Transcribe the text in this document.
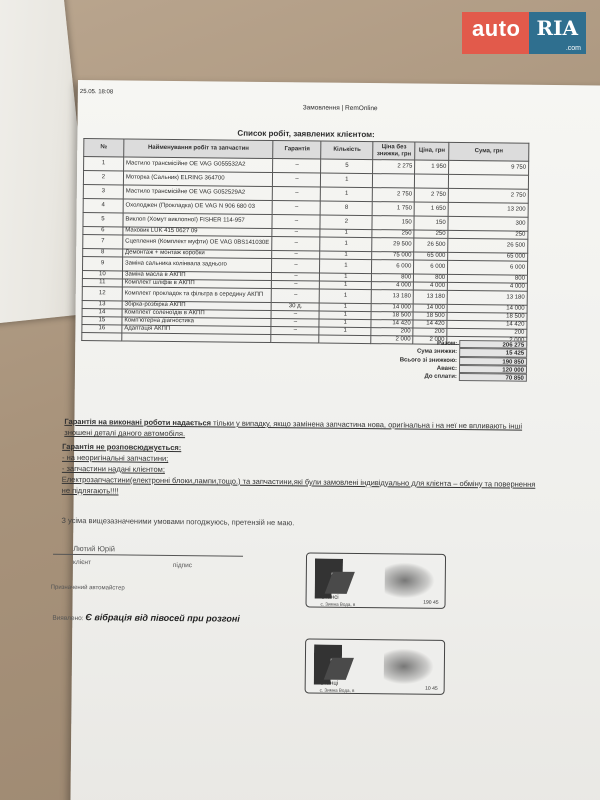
auto RIA
.com
25.05. 18:08
Замовлення | RemOnline
Список робіт, заявлених клієнтом:
№	Найменування робіт та запчастин	Гарантія	Кількість	Ціна без знижки, грн	Ціна, грн	Сума, грн
1	Мастило трансмісійне OE VAG G055532A2	–	5	2 275	1 950	9 750
2	Моторка (Сальник) ELRING 364700	–	1			
3	Мастило трансмісійне OE VAG G052529A2	–	1	2 750	2 750	2 750
4	Охолоджен (Прокладка) OE VAG N 906 680 03	–	8	1 750	1 650	13 200
5	Виклоп (Хомут виклопної) FISHER 114-957	–	2	150	150	300
6	Маховик LUK 415 0627 09	–	1	250	250	250
7	Сцеплення (Комплект муфти) OE VAG 0BS141030E	–	1	29 500	26 500	26 500
8	Демонтаж + монтаж коробки	–	1	75 000	65 000	65 000
9	Заміна сальника колінвала заднього	–	1	6 000	6 000	6 000
10	Заміна масла в АКПП	–	1	800	800	800
11	Комплект шліфів в АКПП	–	1	4 000	4 000	4 000
12	Комплект прокладок та фільтра в середину АКПП	–	1	13 180	13 180	13 180
13	Збірка-розбірка АКПП	30 д.	1	14 000	14 000	14 000
14	Комплект соленоїдів в АКПП	–	1	18 500	18 500	18 500
15	Комп'ютерна діагностика	–	1	14 420	14 420	14 420
16	Адаптація АКПП	–	1	200	200	200
				2 000	2 000	
Разом:	206 275
Сума знижки:	15 425
Всього зі знижкою:	190 850
Аванс:	120 000
До сплати:	70 850
Гарантія на виконані роботи надається тільки у випадку, якщо замінена запчастина нова, оригінальна і на неї не впливають інші зношені деталі даного автомобіля.
Гарантія не розповсюджується:
- на неоригінальні запчастини;
- запчастини надані клієнтом;
Електрозапчастини(електронні блоки,лампи,тощо.) та запчастини,які були замовлені індивідуально для клієнта – обміну та повернення не підлягають!!!!
З усіма вищезазначеними умовами погоджуюсь, претензій не маю.
Лютий Юрій
клієнт	підпис
Стансі
с. Зимна Вода, в	190 45
Призначений автомайстер
Виявлено: Є вібрація від півосей при розгоні
Станці
с. Зимна Вода, в	10 45
